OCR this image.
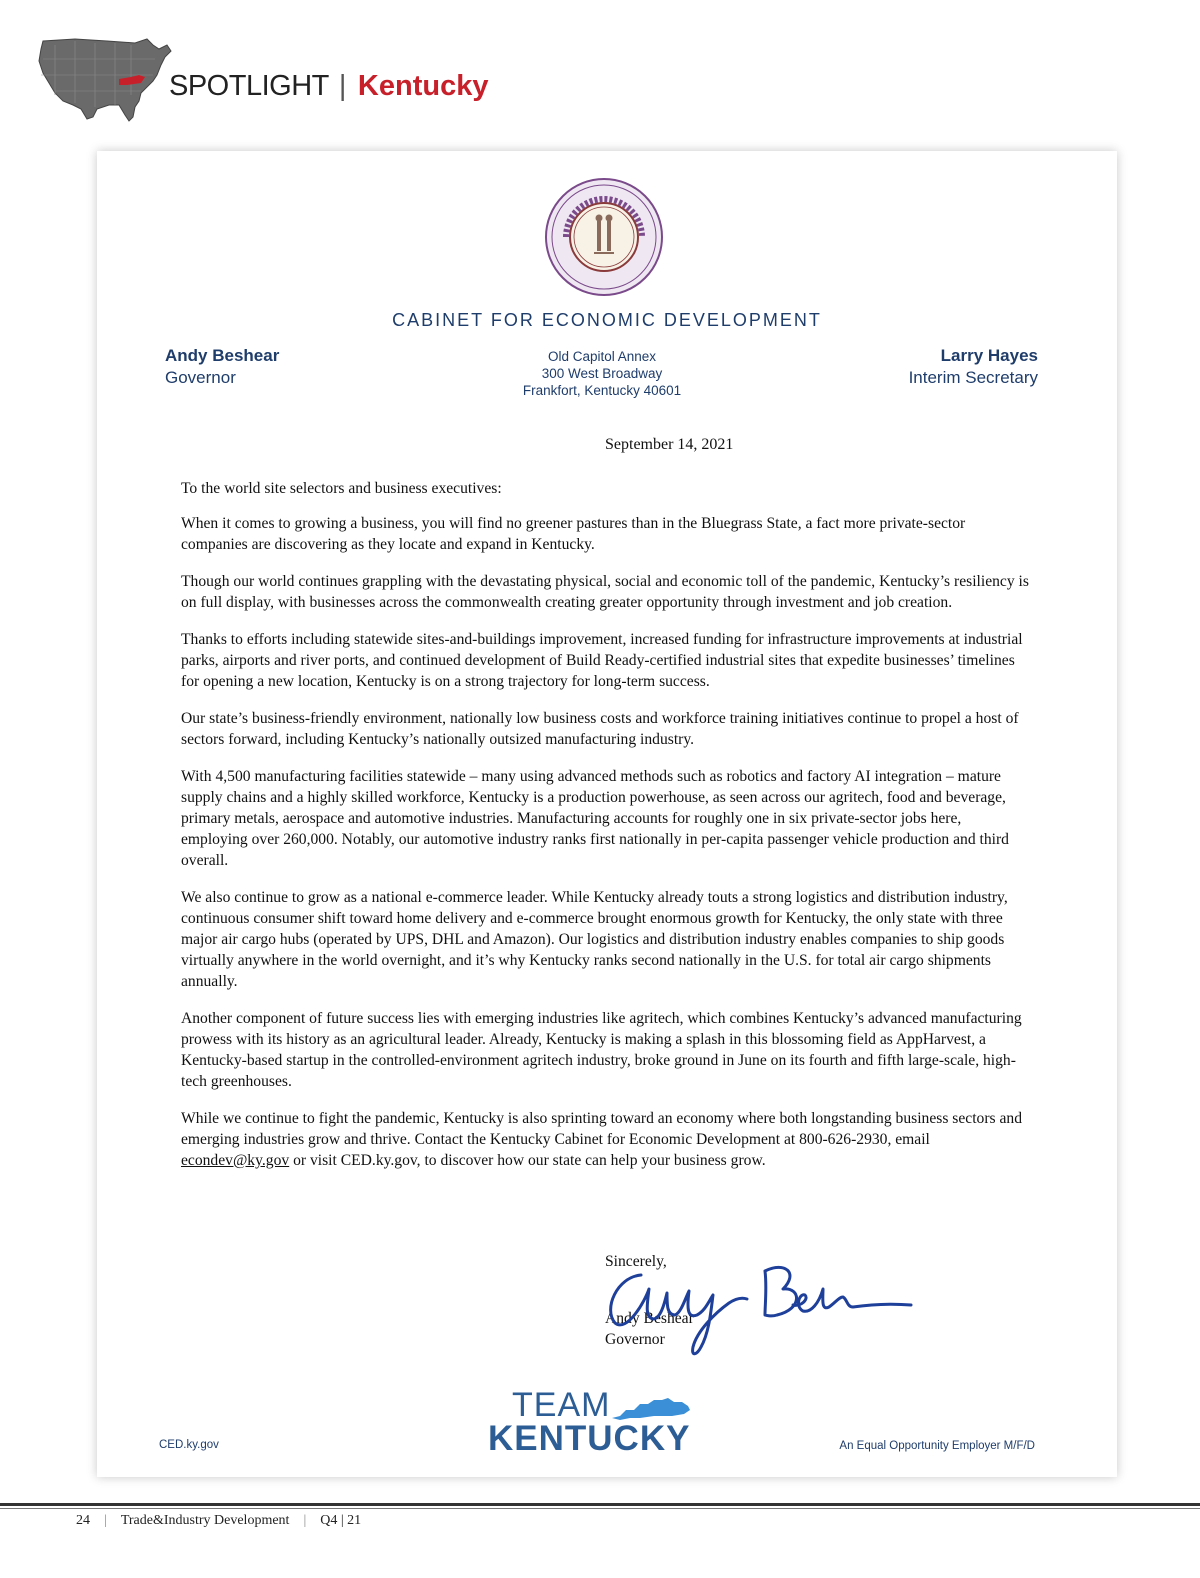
SPOTLIGHT | Kentucky
CABINET FOR ECONOMIC DEVELOPMENT
Andy Beshear
Governor
Old Capitol Annex
300 West Broadway
Frankfort, Kentucky 40601
Larry Hayes
Interim Secretary
September 14, 2021

To the world site selectors and business executives:

When it comes to growing a business, you will find no greener pastures than in the Bluegrass State, a fact more private-sector companies are discovering as they locate and expand in Kentucky.

Though our world continues grappling with the devastating physical, social and economic toll of the pandemic, Kentucky’s resiliency is on full display, with businesses across the commonwealth creating greater opportunity through investment and job creation.

Thanks to efforts including statewide sites-and-buildings improvement, increased funding for infrastructure improvements at industrial parks, airports and river ports, and continued development of Build Ready-certified industrial sites that expedite businesses’ timelines for opening a new location, Kentucky is on a strong trajectory for long-term success.

Our state’s business-friendly environment, nationally low business costs and workforce training initiatives continue to propel a host of sectors forward, including Kentucky’s nationally outsized manufacturing industry.

With 4,500 manufacturing facilities statewide – many using advanced methods such as robotics and factory AI integration – mature supply chains and a highly skilled workforce, Kentucky is a production powerhouse, as seen across our agritech, food and beverage, primary metals, aerospace and automotive industries. Manufacturing accounts for roughly one in six private-sector jobs here, employing over 260,000. Notably, our automotive industry ranks first nationally in per-capita passenger vehicle production and third overall.

We also continue to grow as a national e-commerce leader. While Kentucky already touts a strong logistics and distribution industry, continuous consumer shift toward home delivery and e-commerce brought enormous growth for Kentucky, the only state with three major air cargo hubs (operated by UPS, DHL and Amazon). Our logistics and distribution industry enables companies to ship goods virtually anywhere in the world overnight, and it’s why Kentucky ranks second nationally in the U.S. for total air cargo shipments annually.

Another component of future success lies with emerging industries like agritech, which combines Kentucky’s advanced manufacturing prowess with its history as an agricultural leader. Already, Kentucky is making a splash in this blossoming field as AppHarvest, a Kentucky-based startup in the controlled-environment agritech industry, broke ground in June on its fourth and fifth large-scale, high-tech greenhouses.

While we continue to fight the pandemic, Kentucky is also sprinting toward an economy where both longstanding business sectors and emerging industries grow and thrive. Contact the Kentucky Cabinet for Economic Development at 800-626-2930, email econdev@ky.gov or visit CED.ky.gov, to discover how our state can help your business grow.

Sincerely,
Andy Beshear
Governor
TEAM
KENTUCKY
CED.ky.gov	An Equal Opportunity Employer M/F/D
24 | Trade&Industry Development | Q4 | 21
